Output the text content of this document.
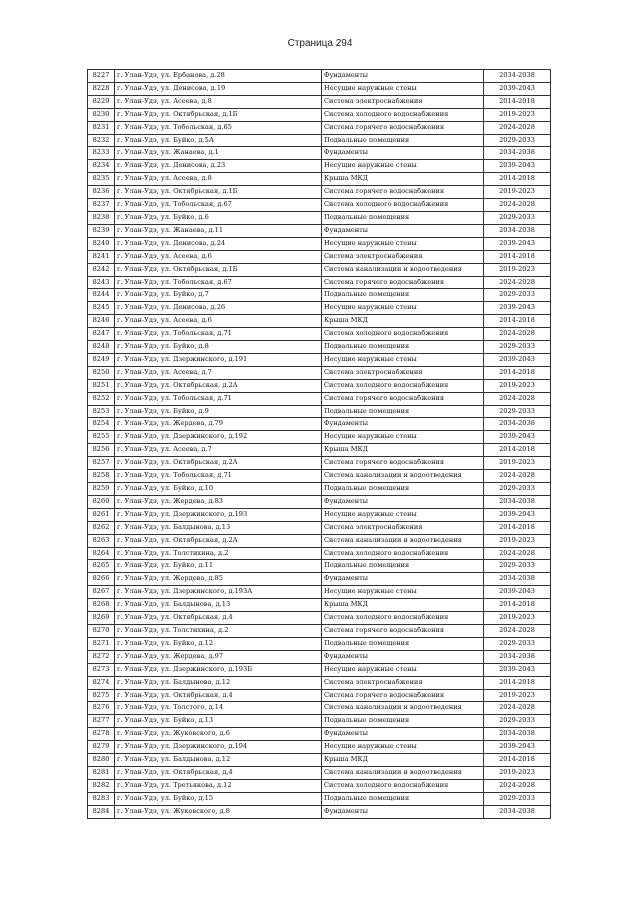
Страница 294
8227	г. Улан-Удэ, ул. Ербанова, д.28	Фундаменты	2034-2038
8228	г. Улан-Удэ, ул. Денисова, д.19	Несущие наружные стены	2039-2043
8229	г. Улан-Удэ, ул. Асеева, д.8	Система электроснабжения	2014-2018
8230	г. Улан-Удэ, ул. Октябрьская, д.1Б	Система холодного водоснабжения	2019-2023
8231	г. Улан-Удэ, ул. Тобольская, д.65	Система горячего водоснабжения	2024-2028
8232	г. Улан-Удэ, ул. Буйко, д.5А	Подвальные помещения	2029-2033
8233	г. Улан-Удэ, ул. Жанаева, д.1	Фундаменты	2034-2038
8234	г. Улан-Удэ, ул. Денисова, д.23	Несущие наружные стены	2039-2043
8235	г. Улан-Удэ, ул. Асеева, д.8	Крыша МКД	2014-2018
8236	г. Улан-Удэ, ул. Октябрьская, д.1Б	Система горячего водоснабжения	2019-2023
8237	г. Улан-Удэ, ул. Тобольская, д.67	Система холодного водоснабжения	2024-2028
8238	г. Улан-Удэ, ул. Буйко, д.6	Подвальные помещения	2029-2033
8239	г. Улан-Удэ, ул. Жанаева, д.11	Фундаменты	2034-2038
8240	г. Улан-Удэ, ул. Денисова, д.24	Несущие наружные стены	2039-2043
8241	г. Улан-Удэ, ул. Асеева, д.6	Система электроснабжения	2014-2018
8242	г. Улан-Удэ, ул. Октябрьская, д.1Б	Система канализации и водоотведения	2019-2023
8243	г. Улан-Удэ, ул. Тобольская, д.67	Система горячего водоснабжения	2024-2028
8244	г. Улан-Удэ, ул. Буйко, д.7	Подвальные помещения	2029-2033
8245	г. Улан-Удэ, ул. Денисова, д.26	Несущие наружные стены	2039-2043
8246	г. Улан-Удэ, ул. Асеева, д.6	Крыша МКД	2014-2018
8247	г. Улан-Удэ, ул. Тобольская, д.71	Система холодного водоснабжения	2024-2028
8248	г. Улан-Удэ, ул. Буйко, д.8	Подвальные помещения	2029-2033
8249	г. Улан-Удэ, ул. Дзержинского, д.191	Несущие наружные стены	2039-2043
8250	г. Улан-Удэ, ул. Асеева, д.7	Система электроснабжения	2014-2018
8251	г. Улан-Удэ, ул. Октябрьская, д.2А	Система холодного водоснабжения	2019-2023
8252	г. Улан-Удэ, ул. Тобольская, д.71	Система горячего водоснабжения	2024-2028
8253	г. Улан-Удэ, ул. Буйко, д.9	Подвальные помещения	2029-2033
8254	г. Улан-Удэ, ул. Жердева, д.79	Фундаменты	2034-2038
8255	г. Улан-Удэ, ул. Дзержинского, д.192	Несущие наружные стены	2039-2043
8256	г. Улан-Удэ, ул. Асеева, д.7	Крыша МКД	2014-2018
8257	г. Улан-Удэ, ул. Октябрьская, д.2А	Система горячего водоснабжения	2019-2023
8258	г. Улан-Удэ, ул. Тобольская, д.71	Система канализации и водоотведения	2024-2028
8259	г. Улан-Удэ, ул. Буйко, д.10	Подвальные помещения	2029-2033
8260	г. Улан-Удэ, ул. Жердева, д.83	Фундаменты	2034-2038
8261	г. Улан-Удэ, ул. Дзержинского, д.193	Несущие наружные стены	2039-2043
8262	г. Улан-Удэ, ул. Балдынова, д.13	Система электроснабжения	2014-2018
8263	г. Улан-Удэ, ул. Октябрьская, д.2А	Система канализации и водоотведения	2019-2023
8264	г. Улан-Удэ, ул. Толстихина, д.2	Система холодного водоснабжения	2024-2028
8265	г. Улан-Удэ, ул. Буйко, д.11	Подвальные помещения	2029-2033
8266	г. Улан-Удэ, ул. Жердева, д.85	Фундаменты	2034-2038
8267	г. Улан-Удэ, ул. Дзержинского, д.193А	Несущие наружные стены	2039-2043
8268	г. Улан-Удэ, ул. Балдынова, д.13	Крыша МКД	2014-2018
8269	г. Улан-Удэ, ул. Октябрьская, д.4	Система холодного водоснабжения	2019-2023
8270	г. Улан-Удэ, ул. Толстихина, д.2	Система горячего водоснабжения	2024-2028
8271	г. Улан-Удэ, ул. Буйко, д.12	Подвальные помещения	2029-2033
8272	г. Улан-Удэ, ул. Жердева, д.97	Фундаменты	2034-2038
8273	г. Улан-Удэ, ул. Дзержинского, д.193Б	Несущие наружные стены	2039-2043
8274	г. Улан-Удэ, ул. Балдынова, д.12	Система электроснабжения	2014-2018
8275	г. Улан-Удэ, ул. Октябрьская, д.4	Система горячего водоснабжения	2019-2023
8276	г. Улан-Удэ, ул. Толстого, д.14	Система канализации и водоотведения	2024-2028
8277	г. Улан-Удэ, ул. Буйко, д.13	Подвальные помещения	2029-2033
8278	г. Улан-Удэ, ул. Жуковского, д.6	Фундаменты	2034-2038
8279	г. Улан-Удэ, ул. Дзержинского, д.194	Несущие наружные стены	2039-2043
8280	г. Улан-Удэ, ул. Балдынова, д.12	Крыша МКД	2014-2018
8281	г. Улан-Удэ, ул. Октябрьская, д.4	Система канализации и водоотведения	2019-2023
8282	г. Улан-Удэ, ул. Третьякова, д.12	Система холодного водоснабжения	2024-2028
8283	г. Улан-Удэ, ул. Буйко, д.15	Подвальные помещения	2029-2033
8284	г. Улан-Удэ, ул. Жуковского, д.8	Фундаменты	2034-2038
